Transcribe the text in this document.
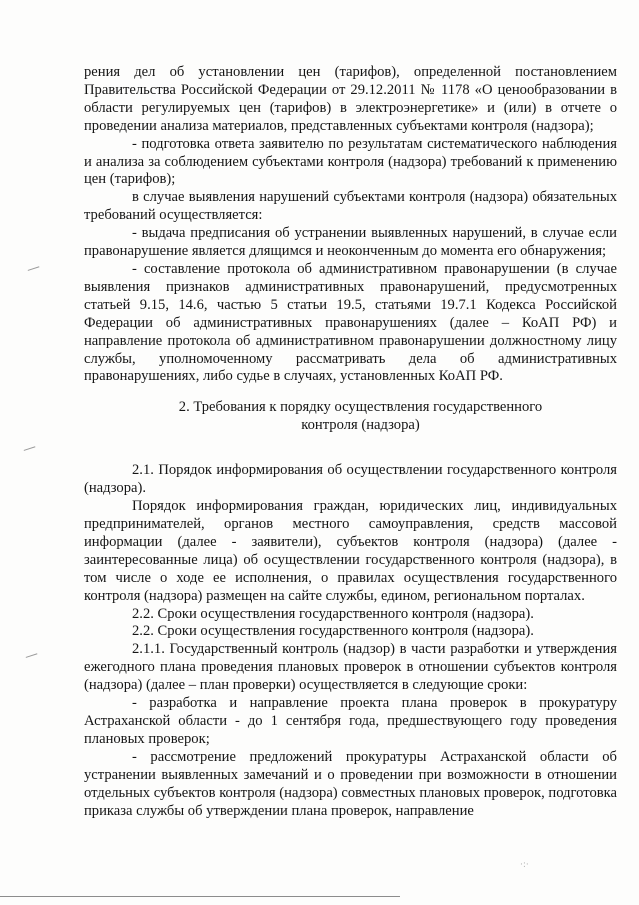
рения дел об установлении цен (тарифов), определенной постановлением Правительства Российской Федерации от 29.12.2011 № 1178 «О ценообразовании в области регулируемых цен (тарифов) в электроэнергетике» и (или) в отчете о проведении анализа материалов, представленных субъектами контроля (надзора);

- подготовка ответа заявителю по результатам систематического наблюдения и анализа за соблюдением субъектами контроля (надзора) требований к применению цен (тарифов);

в случае выявления нарушений субъектами контроля (надзора) обязательных требований осуществляется:

- выдача предписания об устранении выявленных нарушений, в случае если правонарушение является длящимся и неоконченным до момента его обнаружения;

- составление протокола об административном правонарушении (в случае выявления признаков административных правонарушений, предусмотренных статьей 9.15, 14.6, частью 5 статьи 19.5, статьями 19.7.1 Кодекса Российской Федерации об административных правонарушениях (далее – КоАП РФ) и направление протокола об административном правонарушении должностному лицу службы, уполномоченному рассматривать дела об административных правонарушениях, либо судье в случаях, установленных КоАП РФ.

2. Требования к порядку осуществления государственного
контроля (надзора)

2.1. Порядок информирования об осуществлении государственного контроля (надзора).

Порядок информирования граждан, юридических лиц, индивидуальных предпринимателей, органов местного самоуправления, средств массовой информации (далее - заявители), субъектов контроля (надзора) (далее - заинтересованные лица) об осуществлении государственного контроля (надзора), в том числе о ходе ее исполнения, о правилах осуществления государственного контроля (надзора) размещен на сайте службы, едином, региональном порталах.

2.2. Сроки осуществления государственного контроля (надзора).

2.2. Сроки осуществления государственного контроля (надзора).

2.1.1. Государственный контроль (надзор) в части разработки и утверждения ежегодного плана проведения плановых проверок в отношении субъектов контроля (надзора) (далее – план проверки) осуществляется в следующие сроки:

- разработка и направление проекта плана проверок в прокуратуру Астраханской области - до 1 сентября года, предшествующего году проведения плановых проверок;

- рассмотрение предложений прокуратуры Астраханской области об устранении выявленных замечаний и о проведении при возможности в отношении отдельных субъектов контроля (надзора) совместных плановых проверок, подготовка приказа службы об утверждении плана проверок, направление

·:·
